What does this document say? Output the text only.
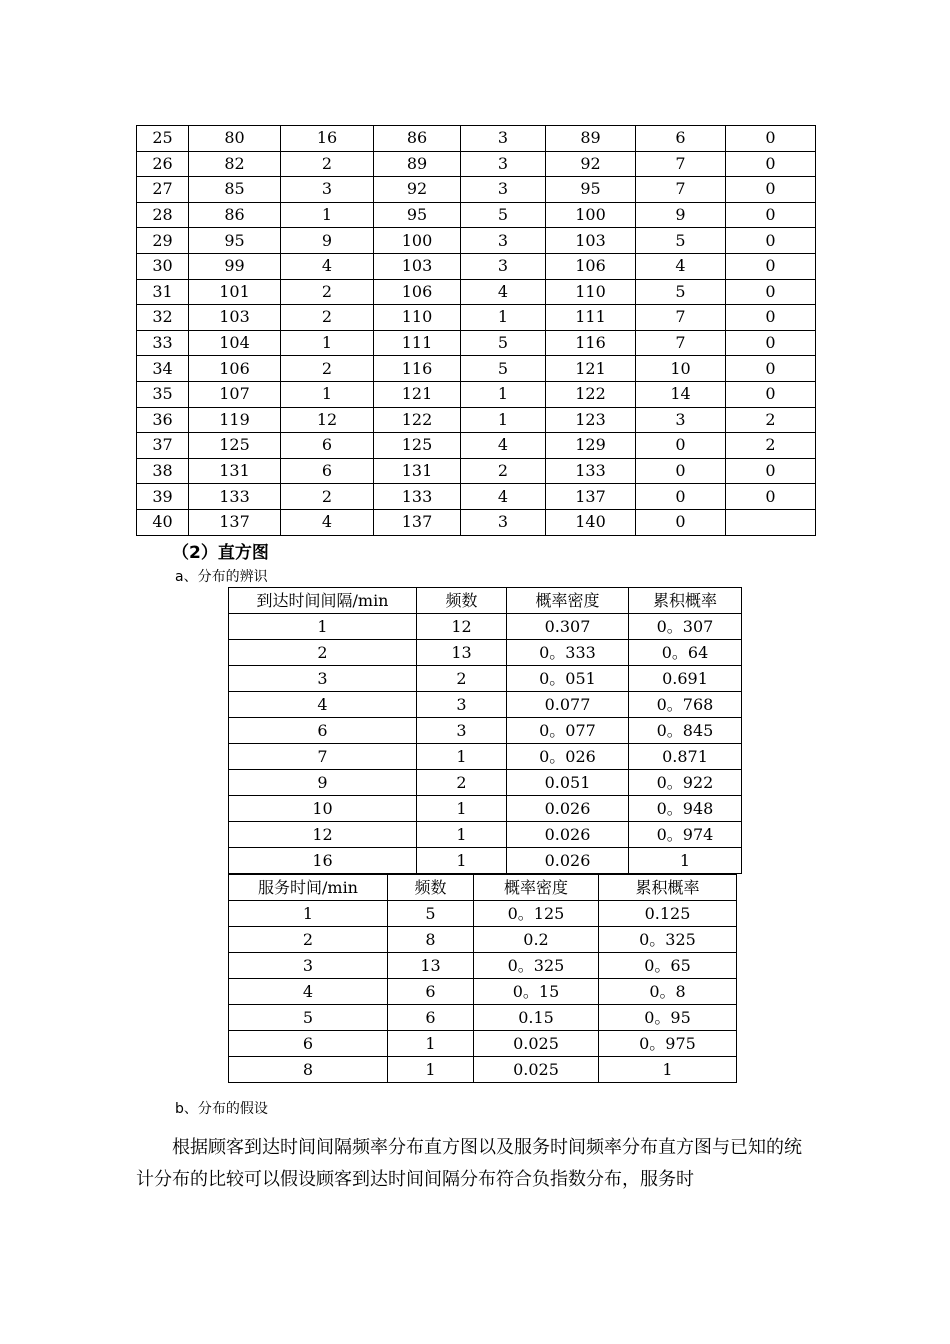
25	80	16	86	3	89	6	0
26	82	2	89	3	92	7	0
27	85	3	92	3	95	7	0
28	86	1	95	5	100	9	0
29	95	9	100	3	103	5	0
30	99	4	103	3	106	4	0
31	101	2	106	4	110	5	0
32	103	2	110	1	111	7	0
33	104	1	111	5	116	7	0
34	106	2	116	5	121	10	0
35	107	1	121	1	122	14	0
36	119	12	122	1	123	3	2
37	125	6	125	4	129	0	2
38	131	6	131	2	133	0	0
39	133	2	133	4	137	0	0
40	137	4	137	3	140	0	
（2）直方图
a、分布的辨识
到达时间间隔/min	频数	概率密度	累积概率
1	12	0.307	0。307
2	13	0。333	0。64
3	2	0。051	0.691
4	3	0.077	0。768
6	3	0。077	0。845
7	1	0。026	0.871
9	2	0.051	0。922
10	1	0.026	0。948
12	1	0.026	0。974
16	1	0.026	1
服务时间/min	频数	概率密度	累积概率
1	5	0。125	0.125
2	8	0.2	0。325
3	13	0。325	0。65
4	6	0。15	0。8
5	6	0.15	0。95
6	1	0.025	0。975
8	1	0.025	1
b、分布的假设
根据顾客到达时间间隔频率分布直方图以及服务时间频率分布直方图与已知的统计分布的比较可以假设顾客到达时间间隔分布符合负指数分布，服务时
